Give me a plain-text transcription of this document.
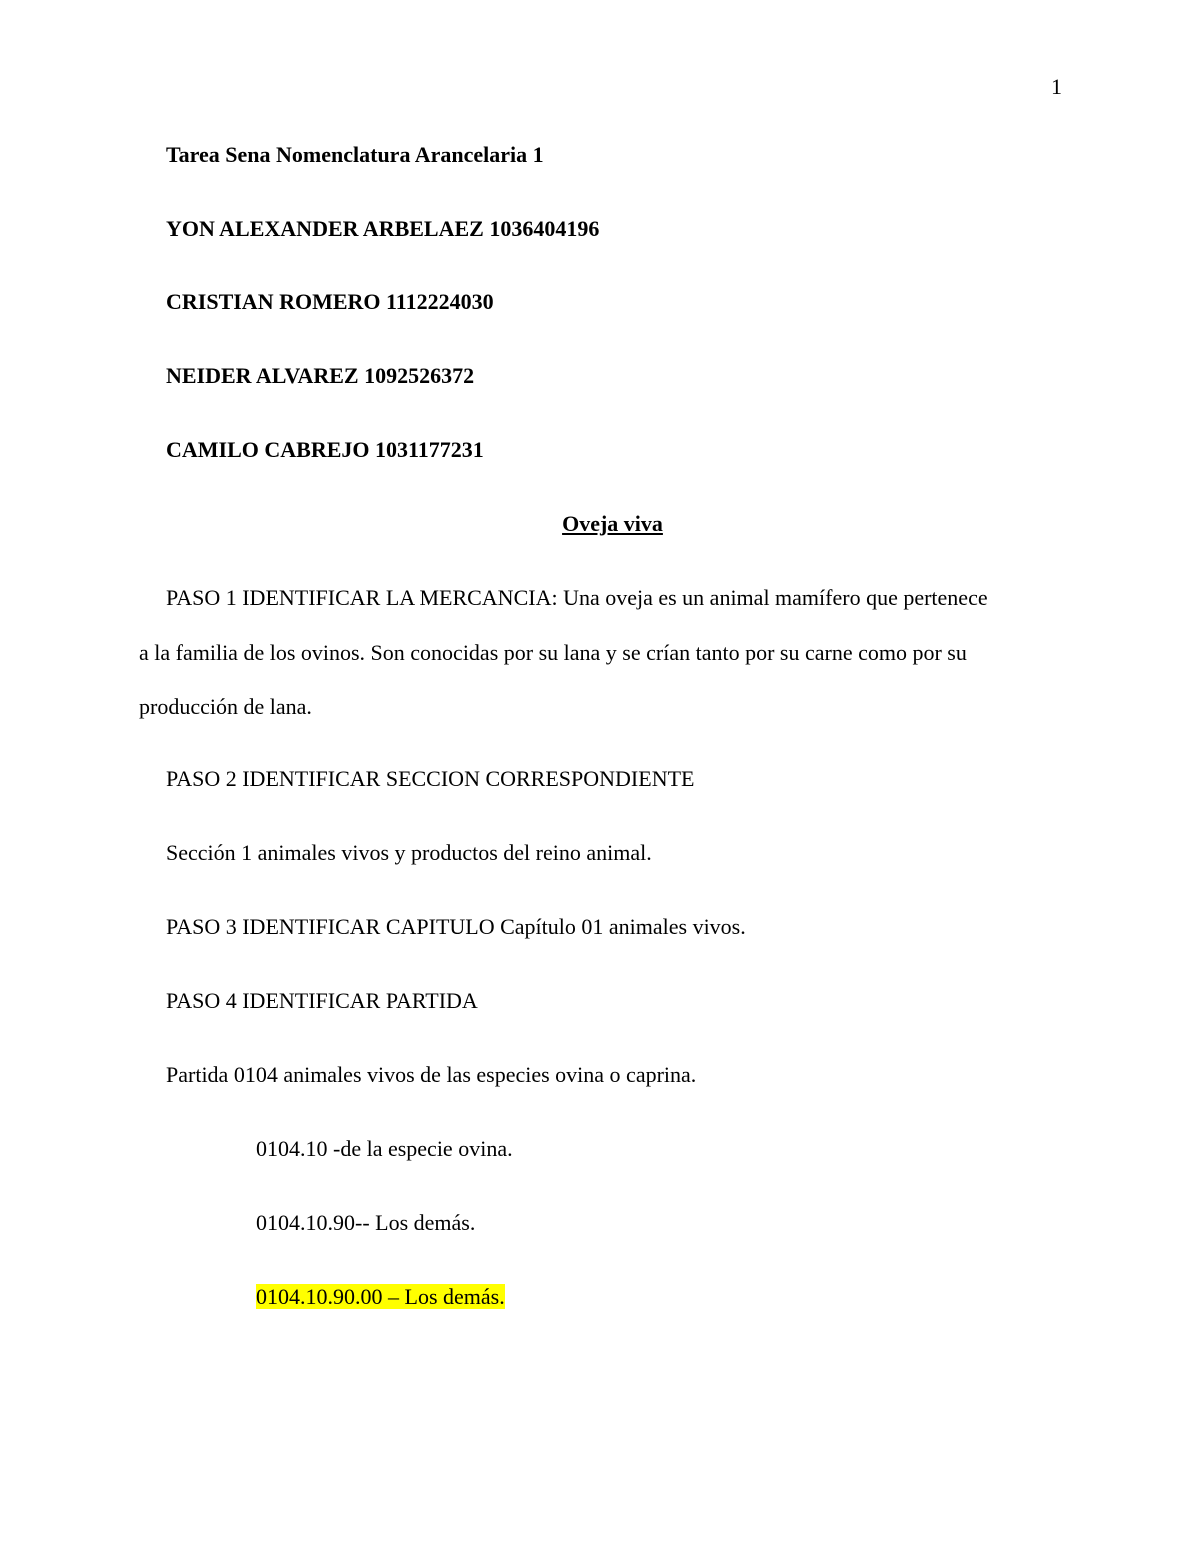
1
Tarea Sena Nomenclatura Arancelaria 1
YON ALEXANDER ARBELAEZ 1036404196
CRISTIAN ROMERO 1112224030
NEIDER ALVAREZ 1092526372
CAMILO CABREJO 1031177231
Oveja viva
PASO 1 IDENTIFICAR LA MERCANCIA: Una oveja es un animal mamífero que pertenece
a la familia de los ovinos. Son conocidas por su lana y se crían tanto por su carne como por su
producción de lana.
PASO 2 IDENTIFICAR SECCION CORRESPONDIENTE
Sección 1 animales vivos y productos del reino animal.
PASO 3 IDENTIFICAR CAPITULO Capítulo 01 animales vivos.
PASO 4 IDENTIFICAR PARTIDA
Partida 0104 animales vivos de las especies ovina o caprina.
0104.10 -de la especie ovina.
0104.10.90-- Los demás.
0104.10.90.00 – Los demás.
